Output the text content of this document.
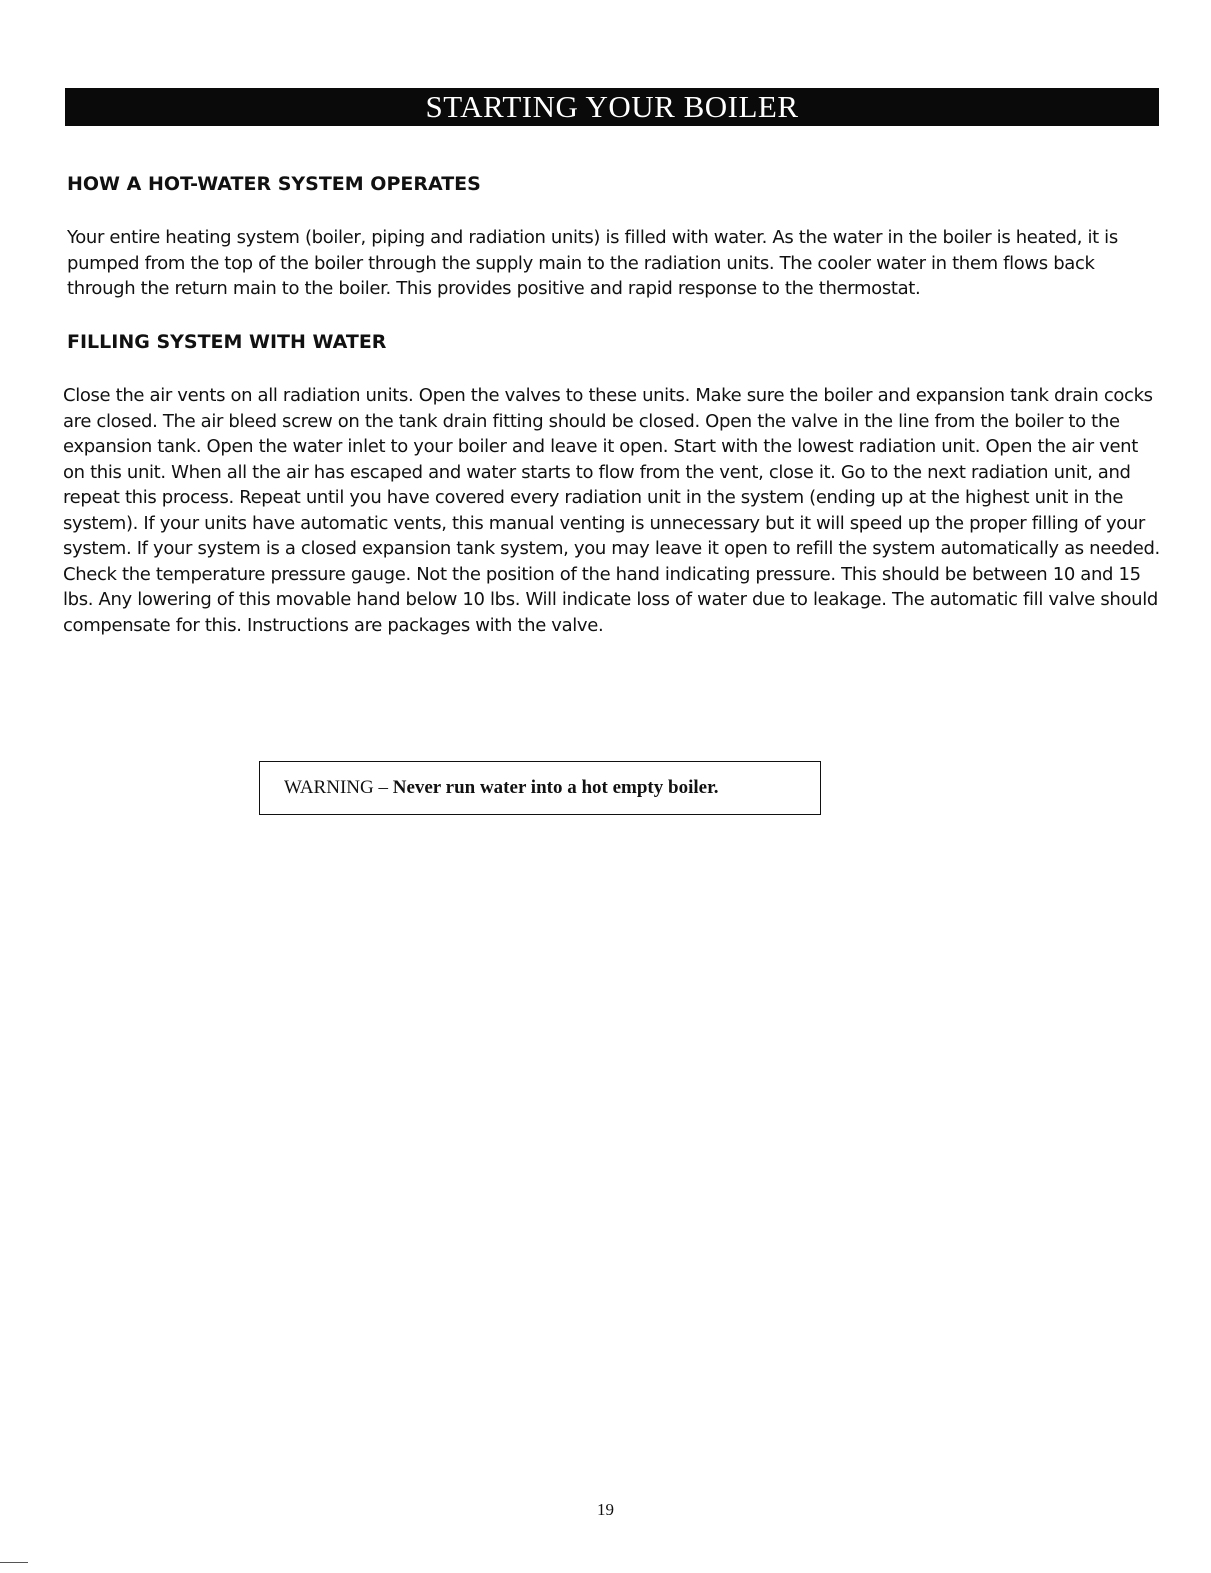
STARTING YOUR BOILER
HOW A HOT-WATER SYSTEM OPERATES

Your entire heating system (boiler, piping and radiation units) is filled with water. As the water in the boiler is heated, it is pumped from the top of the boiler through the supply main to the radiation units. The cooler water in them flows back through the return main to the boiler. This provides positive and rapid response to the thermostat.

FILLING SYSTEM WITH WATER

Close the air vents on all radiation units. Open the valves to these units. Make sure the boiler and expansion tank drain cocks are closed. The air bleed screw on the tank drain fitting should be closed. Open the valve in the line from the boiler to the expansion tank. Open the water inlet to your boiler and leave it open. Start with the lowest radiation unit. Open the air vent on this unit. When all the air has escaped and water starts to flow from the vent, close it. Go to the next radiation unit, and repeat this process. Repeat until you have covered every radiation unit in the system (ending up at the highest unit in the system). If your units have automatic vents, this manual venting is unnecessary but it will speed up the proper filling of your system. If your system is a closed expansion tank system, you may leave it open to refill the system automatically as needed. Check the temperature pressure gauge. Not the position of the hand indicating pressure. This should be between 10 and 15 lbs. Any lowering of this movable hand below 10 lbs. Will indicate loss of water due to leakage. The automatic fill valve should compensate for this. Instructions are packages with the valve.

WARNING – Never run water into a hot empty boiler.
19
